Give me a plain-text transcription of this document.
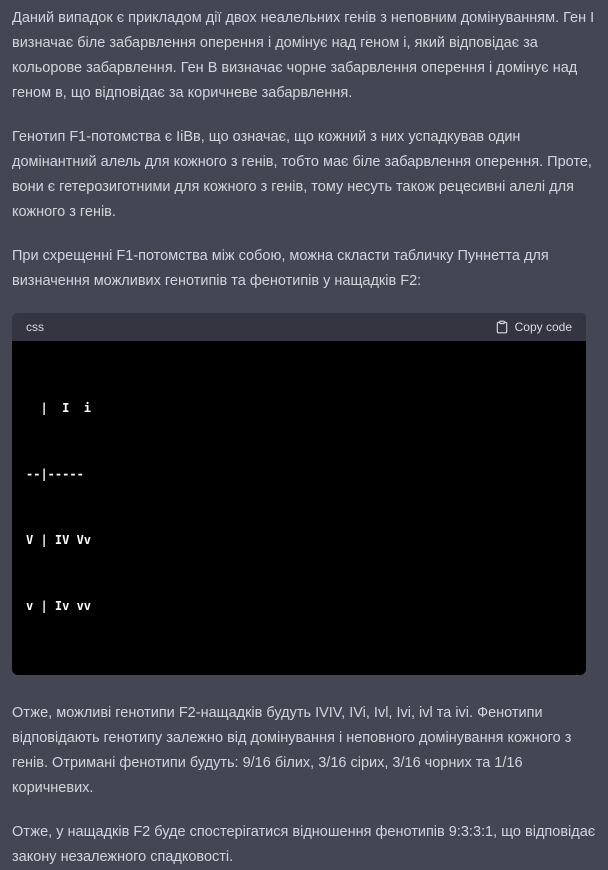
Даний випадок є прикладом дії двох неалельних генів з неповним домінуванням. Ген I визначає біле забарвлення оперення і домінує над геном і, який відповідає за кольорове забарвлення. Ген B визначає чорне забарвлення оперення і домінує над геном в, що відповідає за коричневе забарвлення.

Генотип F1-потомства є IiBв, що означає, що кожний з них успадкував один домінантний алель для кожного з генів, тобто має біле забарвлення оперення. Проте, вони є гетерозиготними для кожного з генів, тому несуть також рецесивні алелі для кожного з генів.

При схрещенні F1-потомства між собою, можна скласти табличку Пуннетта для визначення можливих генотипів та фенотипів у нащадків F2:

css	Copy code

|  I  i

--|-----

V | IV Vv

v | Iv vv

Отже, можливі генотипи F2-нащадків будуть IVIV, IVi, Ivl, Ivi, ivl та ivi. Фенотипи відповідають генотипу залежно від домінування і неповного домінування кожного з генів. Отримані фенотипи будуть: 9/16 білих, 3/16 сірих, 3/16 чорних та 1/16 коричневих.

Отже, у нащадків F2 буде спостерігатися відношення фенотипів 9:3:3:1, що відповідає закону незалежного спадковості.
